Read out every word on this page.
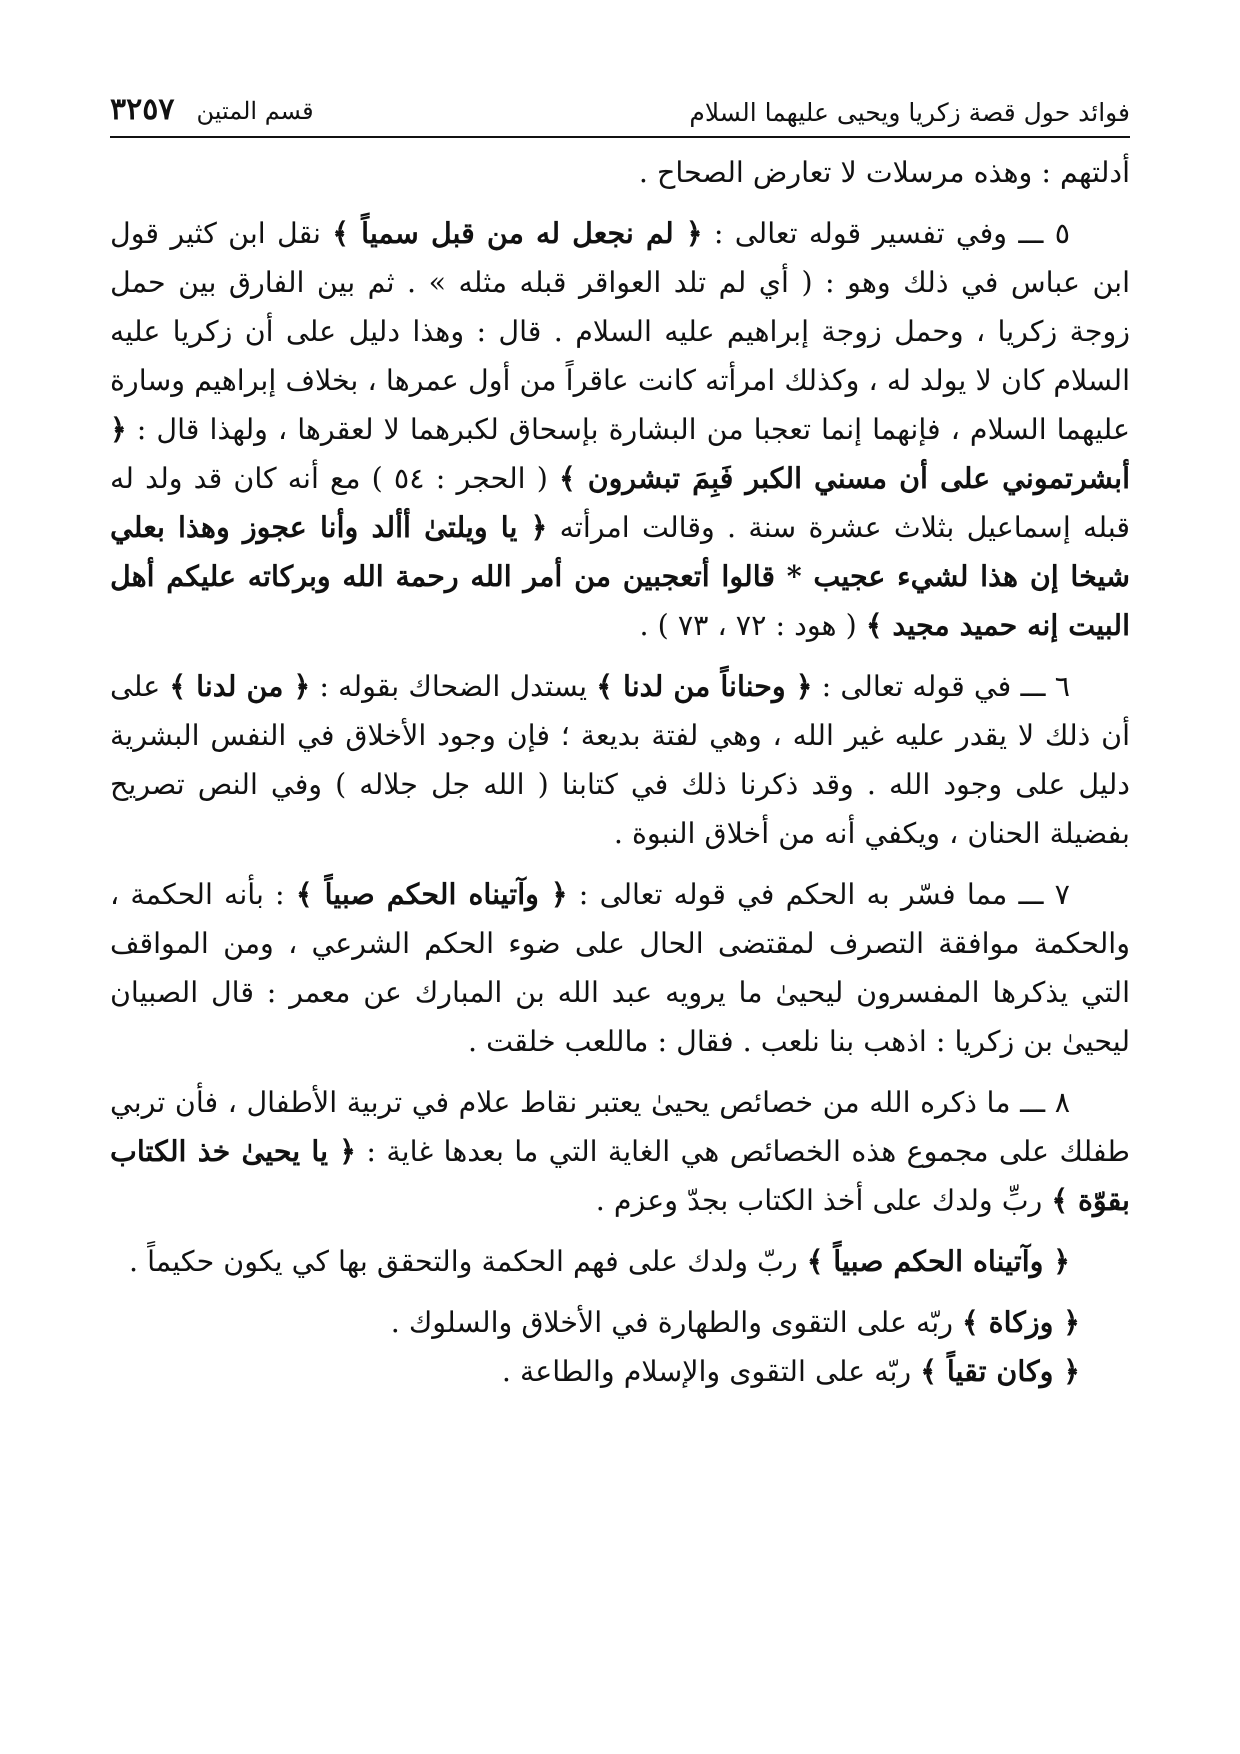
فوائد حول قصة زكريا ويحيى عليهما السلام
قسم المتين
٣٢٥٧

أدلتهم : وهذه مرسلات لا تعارض الصحاح .

٥ ـــ وفي تفسير قوله تعالى : ﴿ لم نجعل له من قبل سمياً ﴾ نقل ابن كثير قول ابن عباس في ذلك وهو : ( أي لم تلد العواقر قبله مثله » . ثم بين الفارق بين حمل زوجة زكريا ، وحمل زوجة إبراهيم عليه السلام . قال : وهذا دليل على أن زكريا عليه السلام كان لا يولد له ، وكذلك امرأته كانت عاقراً من أول عمرها ، بخلاف إبراهيم وسارة عليهما السلام ، فإنهما إنما تعجبا من البشارة بإسحاق لكبرهما لا لعقرها ، ولهذا قال : ﴿ أبشرتموني على أن مسني الكبر فَبِمَ تبشرون ﴾ ( الحجر : ٥٤ ) مع أنه كان قد ولد له قبله إسماعيل بثلاث عشرة سنة . وقالت امرأته ﴿ يا ويلتىٰ أألد وأنا عجوز وهذا بعلي شيخا إن هذا لشيء عجيب * قالوا أتعجبين من أمر الله رحمة الله وبركاته عليكم أهل البيت إنه حميد مجيد ﴾ ( هود : ٧٢ ، ٧٣ ) .

٦ ـــ في قوله تعالى : ﴿ وحناناً من لدنا ﴾ يستدل الضحاك بقوله : ﴿ من لدنا ﴾ على أن ذلك لا يقدر عليه غير الله ، وهي لفتة بديعة ؛ فإن وجود الأخلاق في النفس البشرية دليل على وجود الله . وقد ذكرنا ذلك في كتابنا ( الله جل جلاله ) وفي النص تصريح بفضيلة الحنان ، ويكفي أنه من أخلاق النبوة .

٧ ـــ مما فسّر به الحكم في قوله تعالى : ﴿ وآتيناه الحكم صبياً ﴾ : بأنه الحكمة ، والحكمة موافقة التصرف لمقتضى الحال على ضوء الحكم الشرعي ، ومن المواقف التي يذكرها المفسرون ليحيىٰ ما يرويه عبد الله بن المبارك عن معمر : قال الصبيان ليحيىٰ بن زكريا : اذهب بنا نلعب . فقال : ماللعب خلقت .

٨ ـــ ما ذكره الله من خصائص يحيىٰ يعتبر نقاط علام في تربية الأطفال ، فأن تربي طفلك على مجموع هذه الخصائص هي الغاية التي ما بعدها غاية : ﴿ يا يحيىٰ خذ الكتاب بقوّة ﴾ ربِّ ولدك على أخذ الكتاب بجدّ وعزم .

﴿ وآتيناه الحكم صبياً ﴾ ربّ ولدك على فهم الحكمة والتحقق بها كي يكون حكيماً .

﴿ وزكاة ﴾ ربّه على التقوى والطهارة في الأخلاق والسلوك .

﴿ وكان تقياً ﴾ ربّه على التقوى والإسلام والطاعة .
